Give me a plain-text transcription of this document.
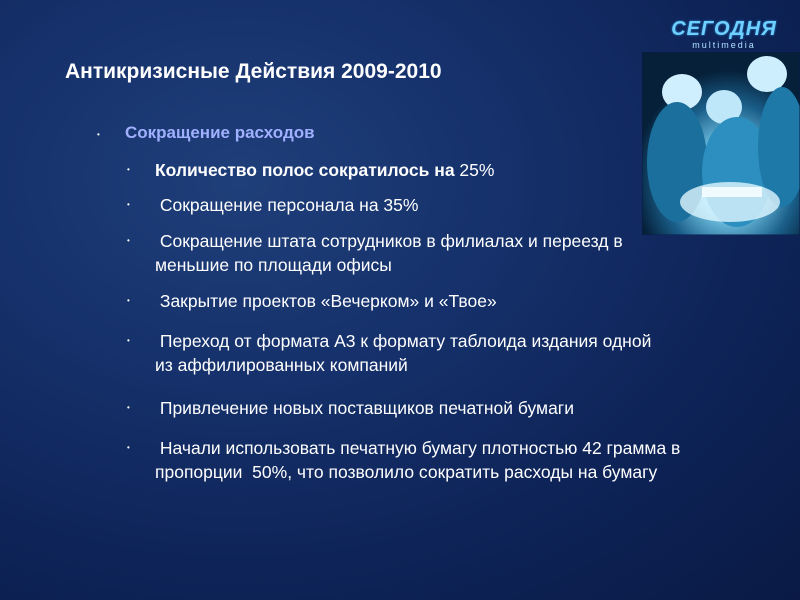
СЕГОДНЯ
multimedia
Антикризисные Действия 2009-2010
• Сокращение расходов

• Количество полос сократилось на 25%

• Сокращение персонала на 35%

• Сокращение штата сотрудников в филиалах и переезд в меньшие по площади офисы

• Закрытие проектов «Вечерком» и «Твое»

• Переход от формата А3 к формату таблоида издания одной из аффилированных компаний

• Привлечение новых поставщиков печатной бумаги

• Начали использовать печатную бумагу плотностью 42 грамма в пропорции  50%, что позволило сократить расходы на бумагу
